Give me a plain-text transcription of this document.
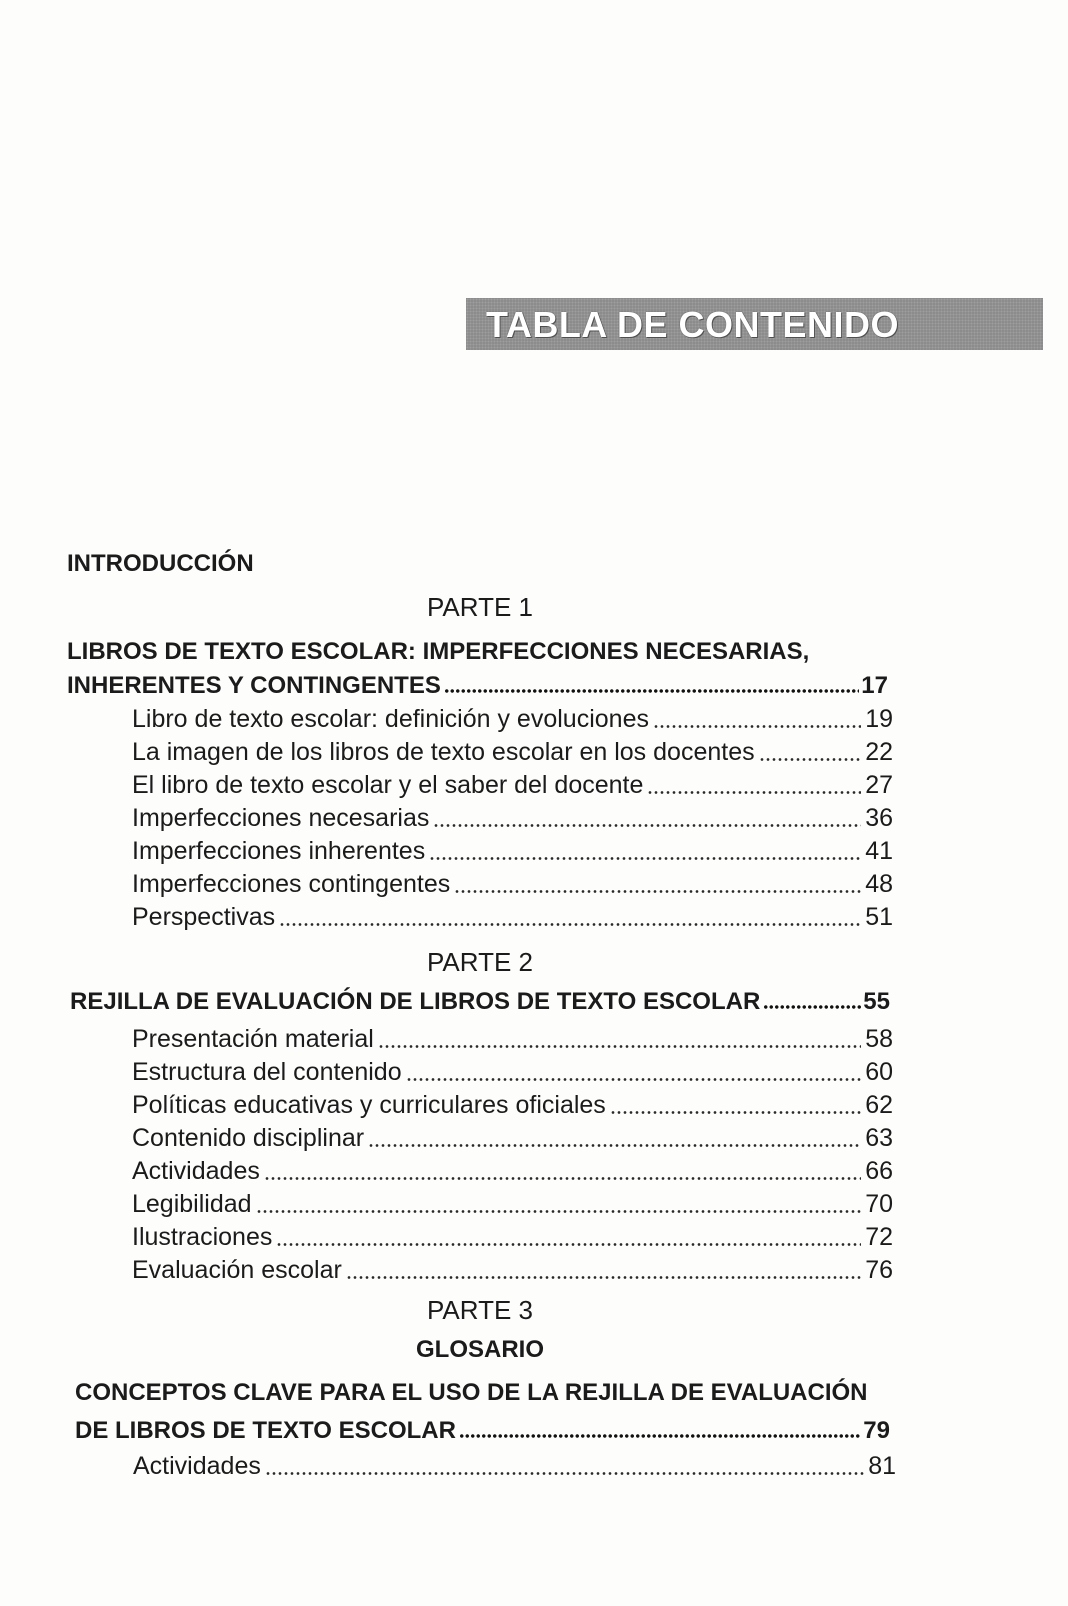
TABLA DE CONTENIDO
INTRODUCCIÓN
PARTE 1
LIBROS DE TEXTO ESCOLAR: IMPERFECCIONES NECESARIAS,
INHERENTES Y CONTINGENTES	17
Libro de texto escolar: definición y evoluciones	19
La imagen de los libros de texto escolar en los docentes	22
El libro de texto escolar y el saber del docente	27
Imperfecciones necesarias	36
Imperfecciones inherentes	41
Imperfecciones contingentes	48
Perspectivas	51
PARTE 2
REJILLA DE EVALUACIÓN DE LIBROS DE TEXTO ESCOLAR	55
Presentación material	58
Estructura del contenido	60
Políticas educativas y curriculares oficiales	62
Contenido disciplinar	63
Actividades	66
Legibilidad	70
Ilustraciones	72
Evaluación escolar	76
PARTE 3
GLOSARIO
CONCEPTOS CLAVE PARA EL USO DE LA REJILLA DE EVALUACIÓN
DE LIBROS DE TEXTO ESCOLAR	79
Actividades	81
